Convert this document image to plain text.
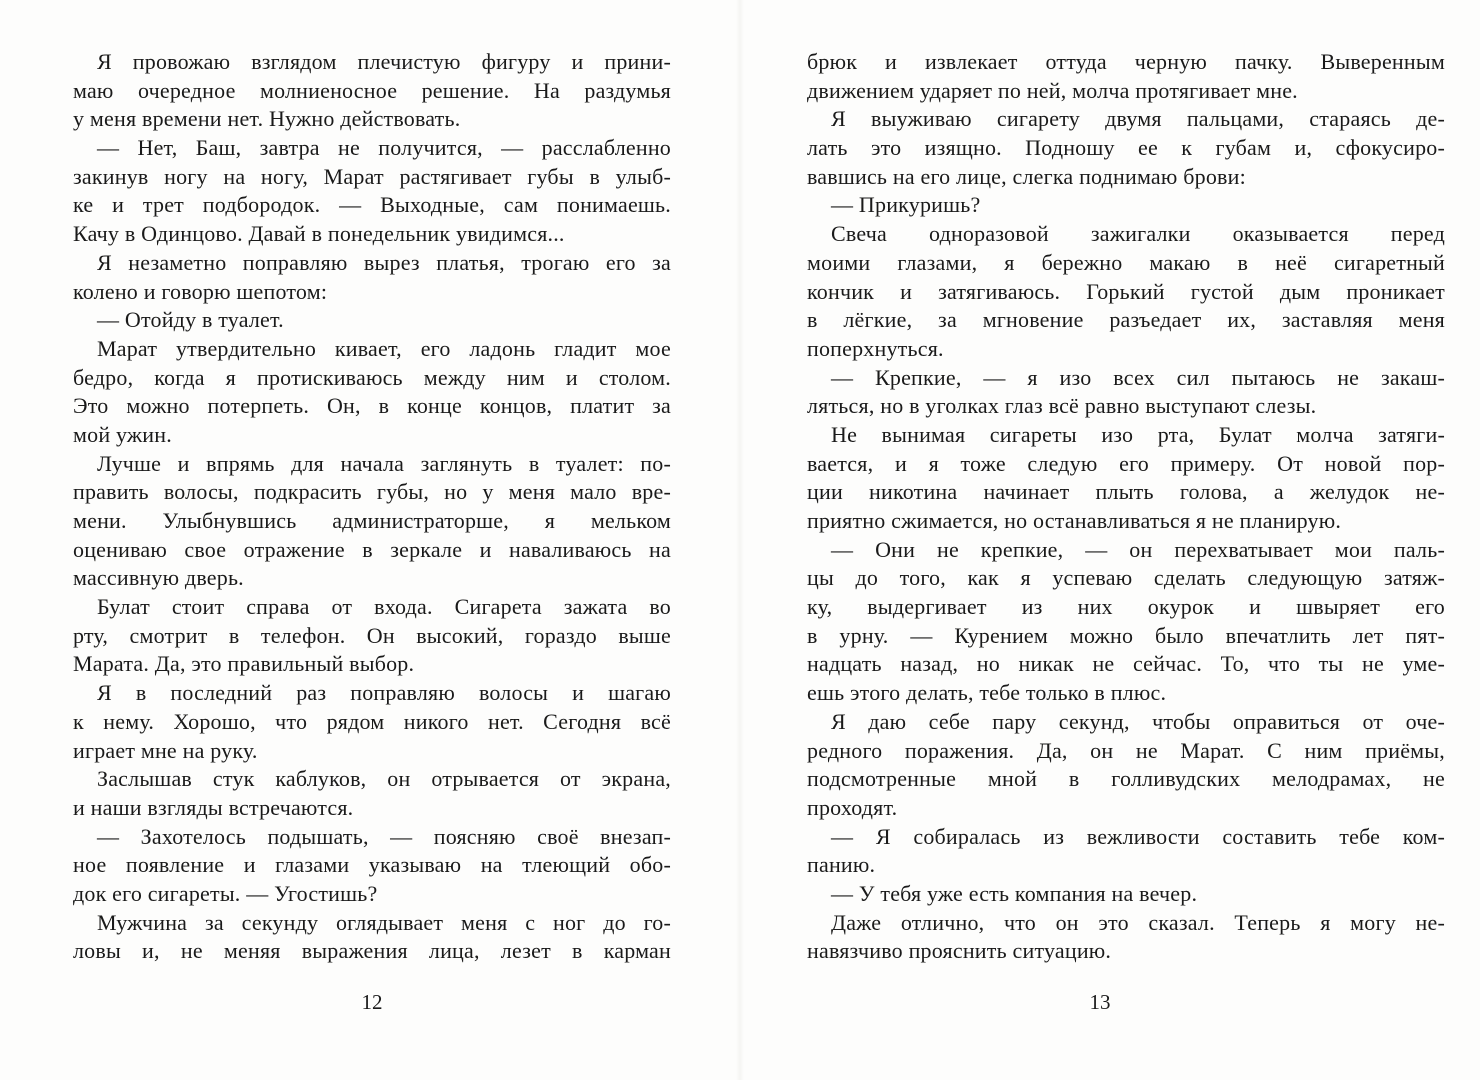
Я провожаю взглядом плечистую фигуру и прини-
маю очередное молниеносное решение. На раздумья
у меня времени нет. Нужно действовать.
— Нет, Баш, завтра не получится, — расслабленно
закинув ногу на ногу, Марат растягивает губы в улыб-
ке и трет подбородок. — Выходные, сам понимаешь.
Качу в Одинцово. Давай в понедельник увидимся...
Я незаметно поправляю вырез платья, трогаю его за
колено и говорю шепотом:
— Отойду в туалет.
Марат утвердительно кивает, его ладонь гладит мое
бедро, когда я протискиваюсь между ним и столом.
Это можно потерпеть. Он, в конце концов, платит за
мой ужин.
Лучше и впрямь для начала заглянуть в туалет: по-
править волосы, подкрасить губы, но у меня мало вре-
мени. Улыбнувшись администраторше, я мельком
оцениваю свое отражение в зеркале и наваливаюсь на
массивную дверь.
Булат стоит справа от входа. Сигарета зажата во
рту, смотрит в телефон. Он высокий, гораздо выше
Марата. Да, это правильный выбор.
Я в последний раз поправляю волосы и шагаю
к нему. Хорошо, что рядом никого нет. Сегодня всё
играет мне на руку.
Заслышав стук каблуков, он отрывается от экрана,
и наши взгляды встречаются.
— Захотелось подышать, — поясняю своё внезап-
ное появление и глазами указываю на тлеющий обо-
док его сигареты. — Угостишь?
Мужчина за секунду оглядывает меня с ног до го-
ловы и, не меняя выражения лица, лезет в карман
12
брюк и извлекает оттуда черную пачку. Выверенным
движением ударяет по ней, молча протягивает мне.
Я выуживаю сигарету двумя пальцами, стараясь де-
лать это изящно. Подношу ее к губам и, сфокусиро-
вавшись на его лице, слегка поднимаю брови:
— Прикуришь?
Свеча одноразовой зажигалки оказывается перед
моими глазами, я бережно макаю в неё сигаретный
кончик и затягиваюсь. Горький густой дым проникает
в лёгкие, за мгновение разъедает их, заставляя меня
поперхнуться.
— Крепкие, — я изо всех сил пытаюсь не закаш-
ляться, но в уголках глаз всё равно выступают слезы.
Не вынимая сигареты изо рта, Булат молча затяги-
вается, и я тоже следую его примеру. От новой пор-
ции никотина начинает плыть голова, а желудок не-
приятно сжимается, но останавливаться я не планирую.
— Они не крепкие, — он перехватывает мои паль-
цы до того, как я успеваю сделать следующую затяж-
ку, выдергивает из них окурок и швыряет его
в урну. — Курением можно было впечатлить лет пят-
надцать назад, но никак не сейчас. То, что ты не уме-
ешь этого делать, тебе только в плюс.
Я даю себе пару секунд, чтобы оправиться от оче-
редного поражения. Да, он не Марат. С ним приёмы,
подсмотренные мной в голливудских мелодрамах, не
проходят.
— Я собиралась из вежливости составить тебе ком-
панию.
— У тебя уже есть компания на вечер.
Даже отлично, что он это сказал. Теперь я могу не-
навязчиво прояснить ситуацию.
13
